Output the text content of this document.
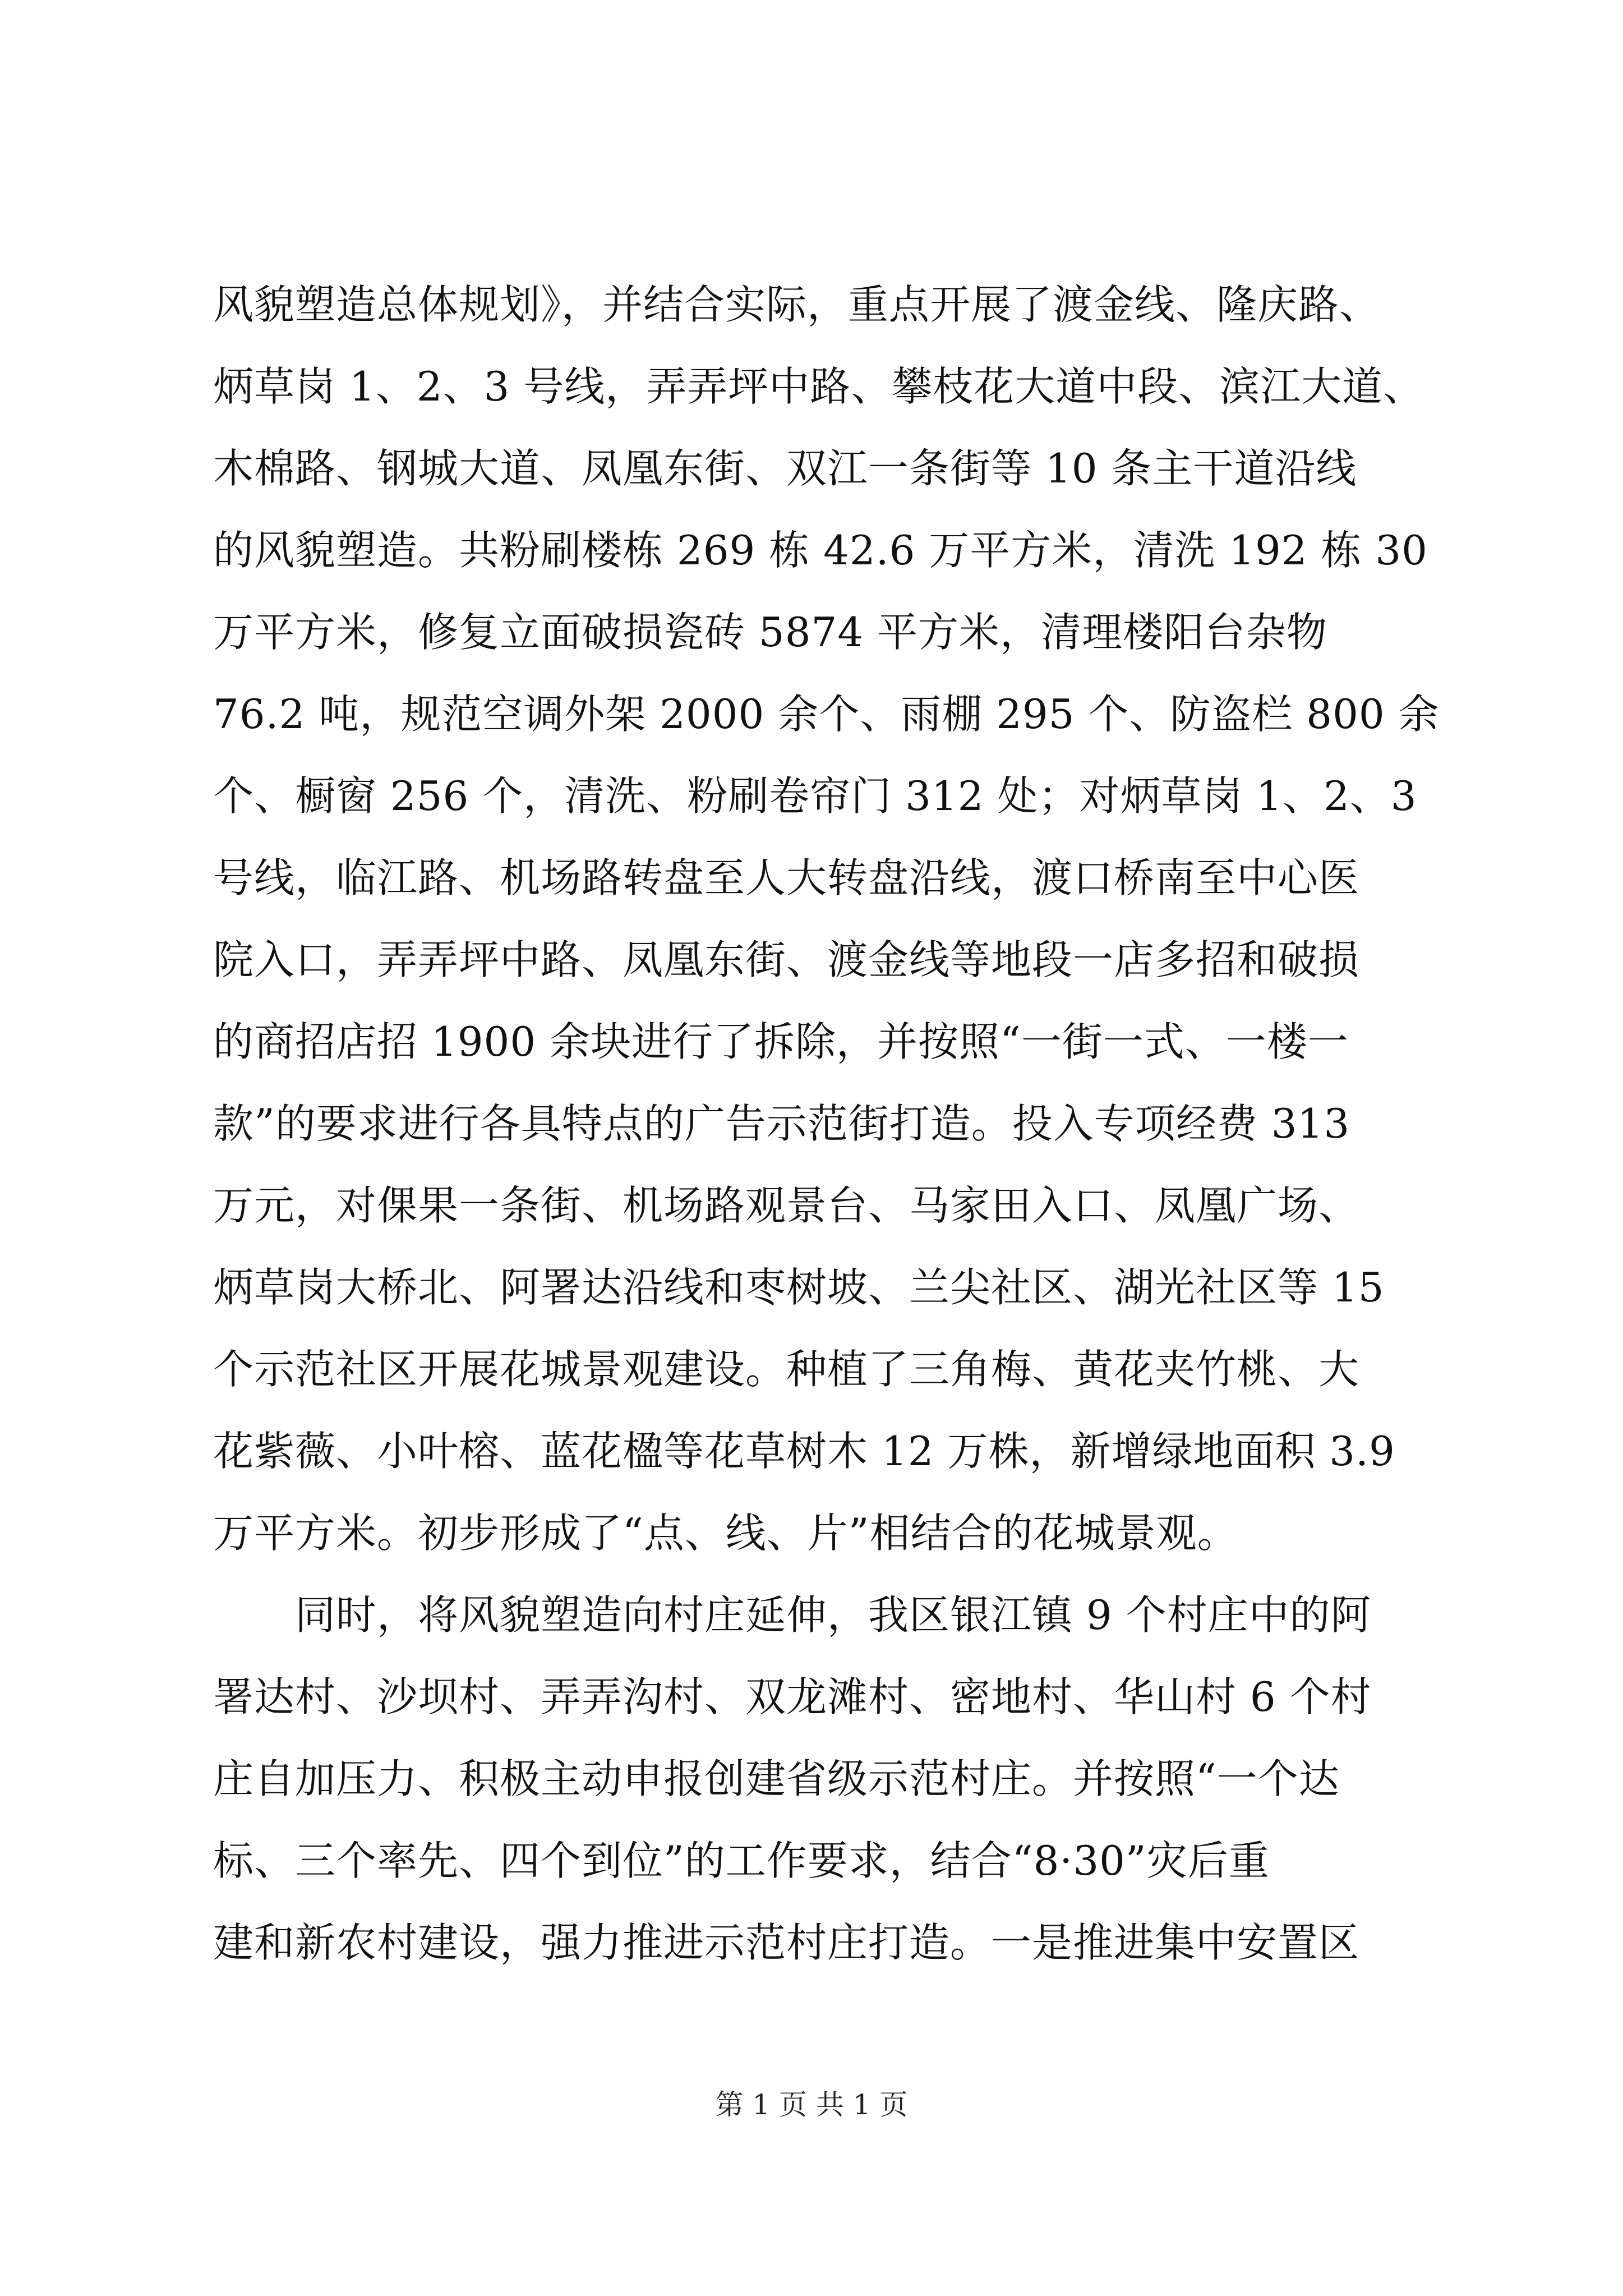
风貌塑造总体规划》，并结合实际，重点开展了渡金线、隆庆路、
炳草岗 1、2、3 号线，弄弄坪中路、攀枝花大道中段、滨江大道、
木棉路、钢城大道、凤凰东街、双江一条街等 10 条主干道沿线
的风貌塑造。共粉刷楼栋 269 栋 42.6 万平方米，清洗 192 栋 30
万平方米，修复立面破损瓷砖 5874 平方米，清理楼阳台杂物
76.2 吨，规范空调外架 2000 余个、雨棚 295 个、防盗栏 800 余
个、橱窗 256 个，清洗、粉刷卷帘门 312 处；对炳草岗 1、2、3
号线，临江路、机场路转盘至人大转盘沿线，渡口桥南至中心医
院入口，弄弄坪中路、凤凰东街、渡金线等地段一店多招和破损
的商招店招 1900 余块进行了拆除，并按照“一街一式、一楼一
款”的要求进行各具特点的广告示范街打造。投入专项经费 313
万元，对倮果一条街、机场路观景台、马家田入口、凤凰广场、
炳草岗大桥北、阿署达沿线和枣树坡、兰尖社区、湖光社区等 15
个示范社区开展花城景观建设。种植了三角梅、黄花夹竹桃、大
花紫薇、小叶榕、蓝花楹等花草树木 12 万株，新增绿地面积 3.9
万平方米。初步形成了“点、线、片”相结合的花城景观。
　　同时，将风貌塑造向村庄延伸，我区银江镇 9 个村庄中的阿
署达村、沙坝村、弄弄沟村、双龙滩村、密地村、华山村 6 个村
庄自加压力、积极主动申报创建省级示范村庄。并按照“一个达
标、三个率先、四个到位”的工作要求，结合“8·30”灾后重
建和新农村建设，强力推进示范村庄打造。一是推进集中安置区
第 1 页 共 1 页
